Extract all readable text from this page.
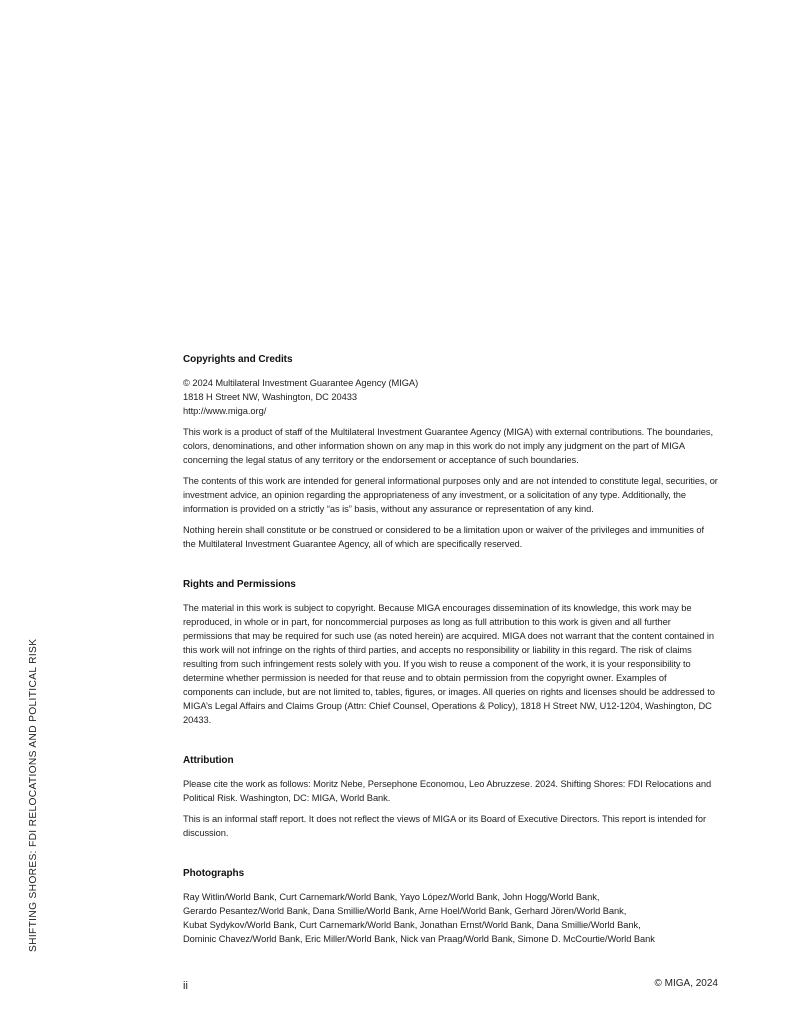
SHIFTING SHORES: FDI RELOCATIONS AND POLITICAL RISK
Copyrights and Credits
© 2024 Multilateral Investment Guarantee Agency (MIGA)
1818 H Street NW, Washington, DC 20433
http://www.miga.org/

This work is a product of staff of the Multilateral Investment Guarantee Agency (MIGA) with external contributions. The boundaries, colors, denominations, and other information shown on any map in this work do not imply any judgment on the part of MIGA concerning the legal status of any territory or the endorsement or acceptance of such boundaries.

The contents of this work are intended for general informational purposes only and are not intended to constitute legal, securities, or investment advice, an opinion regarding the appropriateness of any investment, or a solicitation of any type. Additionally, the information is provided on a strictly “as is” basis, without any assurance or representation of any kind.

Nothing herein shall constitute or be construed or considered to be a limitation upon or waiver of the privileges and immunities of the Multilateral Investment Guarantee Agency, all of which are specifically reserved.

Rights and Permissions

The material in this work is subject to copyright. Because MIGA encourages dissemination of its knowledge, this work may be reproduced, in whole or in part, for noncommercial purposes as long as full attribution to this work is given and all further permissions that may be required for such use (as noted herein) are acquired. MIGA does not warrant that the content contained in this work will not infringe on the rights of third parties, and accepts no responsibility or liability in this regard. The risk of claims resulting from such infringement rests solely with you. If you wish to reuse a component of the work, it is your responsibility to determine whether permission is needed for that reuse and to obtain permission from the copyright owner. Examples of components can include, but are not limited to, tables, figures, or images. All queries on rights and licenses should be addressed to MIGA’s Legal Affairs and Claims Group (Attn: Chief Counsel, Operations & Policy), 1818 H Street NW, U12-1204, Washington, DC 20433.

Attribution

Please cite the work as follows: Moritz Nebe, Persephone Economou, Leo Abruzzese. 2024. Shifting Shores: FDI Relocations and Political Risk. Washington, DC: MIGA, World Bank.

This is an informal staff report. It does not reflect the views of MIGA or its Board of Executive Directors. This report is intended for discussion.

Photographs
Ray Witlin/World Bank, Curt Carnemark/World Bank, Yayo López/World Bank, John Hogg/World Bank,
Gerardo Pesantez/World Bank, Dana Smillie/World Bank, Arne Hoel/World Bank, Gerhard Jören/World Bank,
Kubat Sydykov/World Bank, Curt Carnemark/World Bank, Jonathan Ernst/World Bank, Dana Smillie/World Bank,
Dominic Chavez/World Bank, Eric Miller/World Bank, Nick van Praag/World Bank, Simone D. McCourtie/World Bank
ii	© MIGA, 2024
